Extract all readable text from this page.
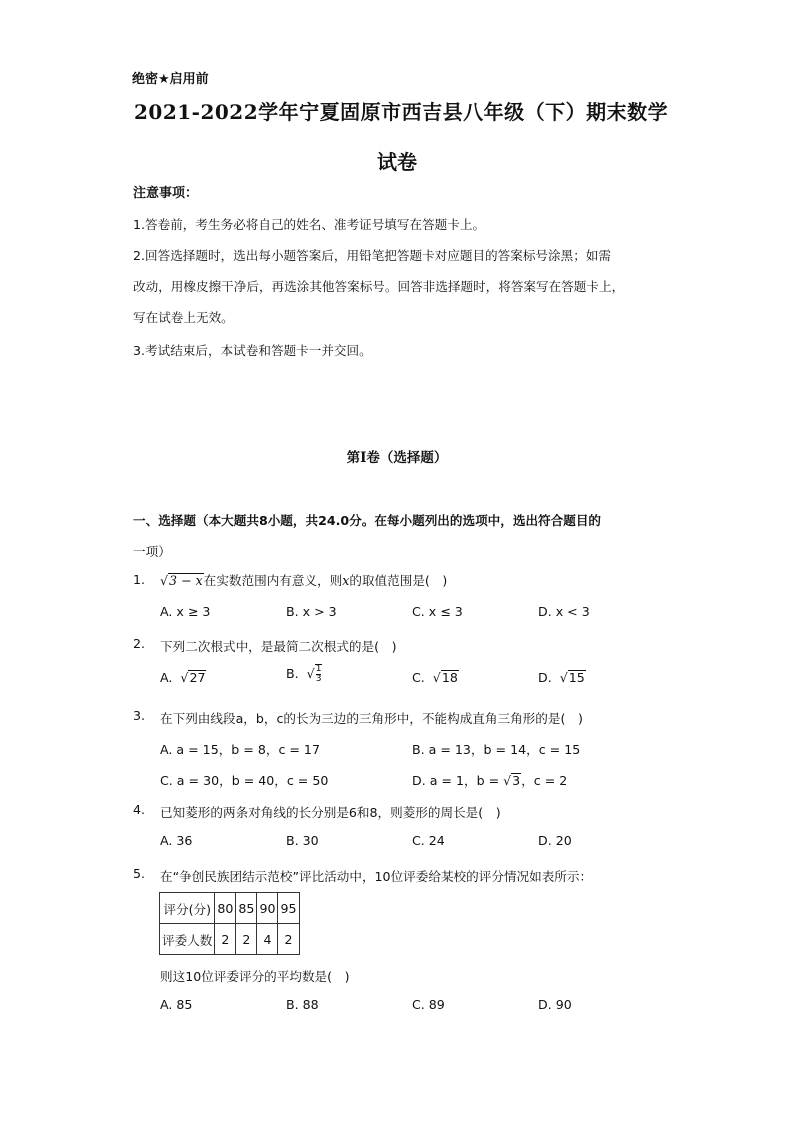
绝密★启用前
2021-2022学年宁夏固原市西吉县八年级（下）期末数学
试卷
注意事项：
1.答卷前，考生务必将自己的姓名、准考证号填写在答题卡上。
2.回答选择题时，选出每小题答案后，用铅笔把答题卡对应题目的答案标号涂黑；如需
改动，用橡皮擦干净后，再选涂其他答案标号。回答非选择题时，将答案写在答题卡上，
写在试卷上无效。
3.考试结束后，本试卷和答题卡一并交回。
第Ⅰ卷（选择题）
一、选择题（本大题共8小题，共24.0分。在每小题列出的选项中，选出符合题目的
一项）
1. √3 − x在实数范围内有意义，则x的取值范围是(　)
A. x ≥ 3	B. x > 3	C. x ≤ 3	D. x < 3
2. 下列二次根式中，是最简二次根式的是(　)
A.  √27	B.  √ $\frac{1}{3}$	C.  √18	D.  √15
3. 在下列由线段a，b，c的长为三边的三角形中，不能构成直角三角形的是(　)
A. a = 15，b = 8，c = 17	B. a = 13，b = 14，c = 15
C. a = 30，b = 40，c = 50	D. a = 1，b = √3，c = 2
4. 已知菱形的两条对角线的长分别是6和8，则菱形的周长是(　)
A. 36	B. 30	C. 24	D. 20
5. 在“争创民族团结示范校”评比活动中，10位评委给某校的评分情况如表所示：
评分(分)	80	85	90	95
评委人数	2	2	4	2
则这10位评委评分的平均数是(　)
A. 85	B. 88	C. 89	D. 90
